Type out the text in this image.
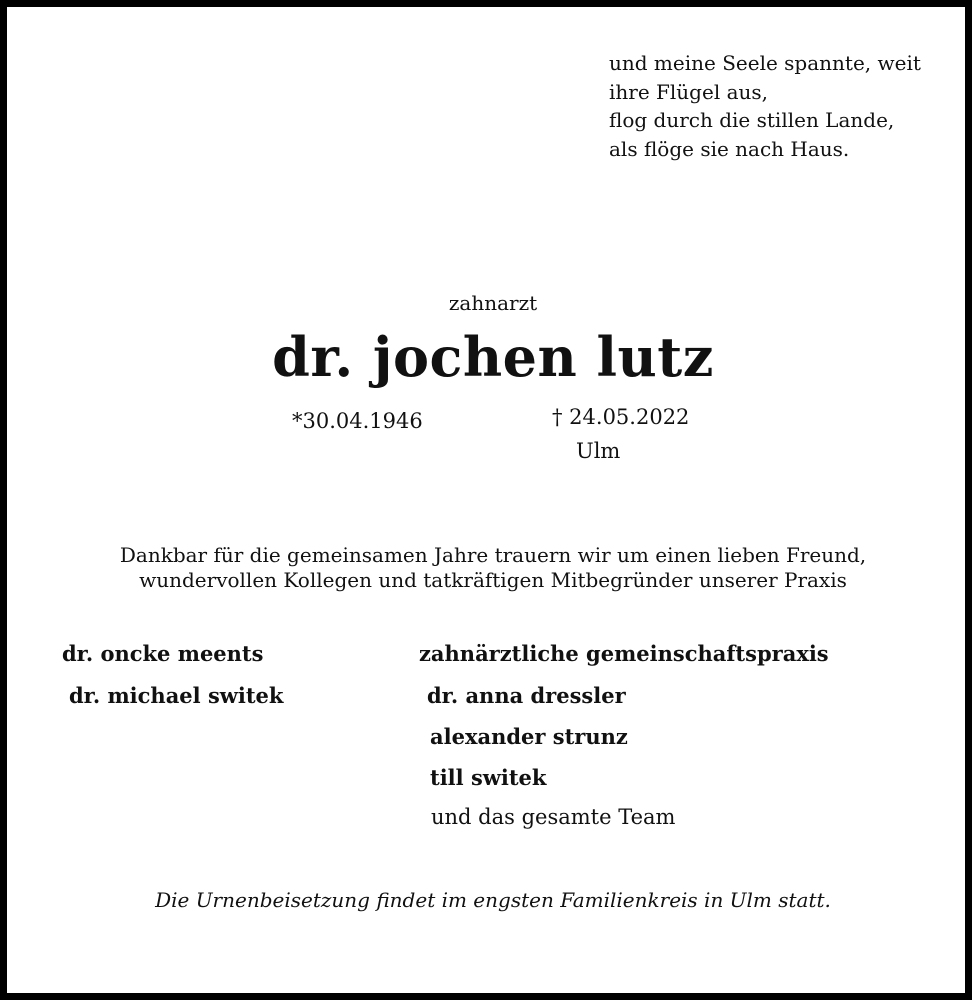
und meine Seele spannte, weit
ihre Flügel aus,
flog durch die stillen Lande,
als flöge sie nach Haus.
zahnarzt
dr. jochen lutz
*30.04.1946	† 24.05.2022
Ulm
Dankbar für die gemeinsamen Jahre trauern wir um einen lieben Freund,
wundervollen Kollegen und tatkräftigen Mitbegründer unserer Praxis
dr. oncke meents
dr. michael switek
zahnärztliche gemeinschaftspraxis
dr. anna dressler
alexander strunz
till switek
und das gesamte Team
Die Urnenbeisetzung findet im engsten Familienkreis in Ulm statt.
